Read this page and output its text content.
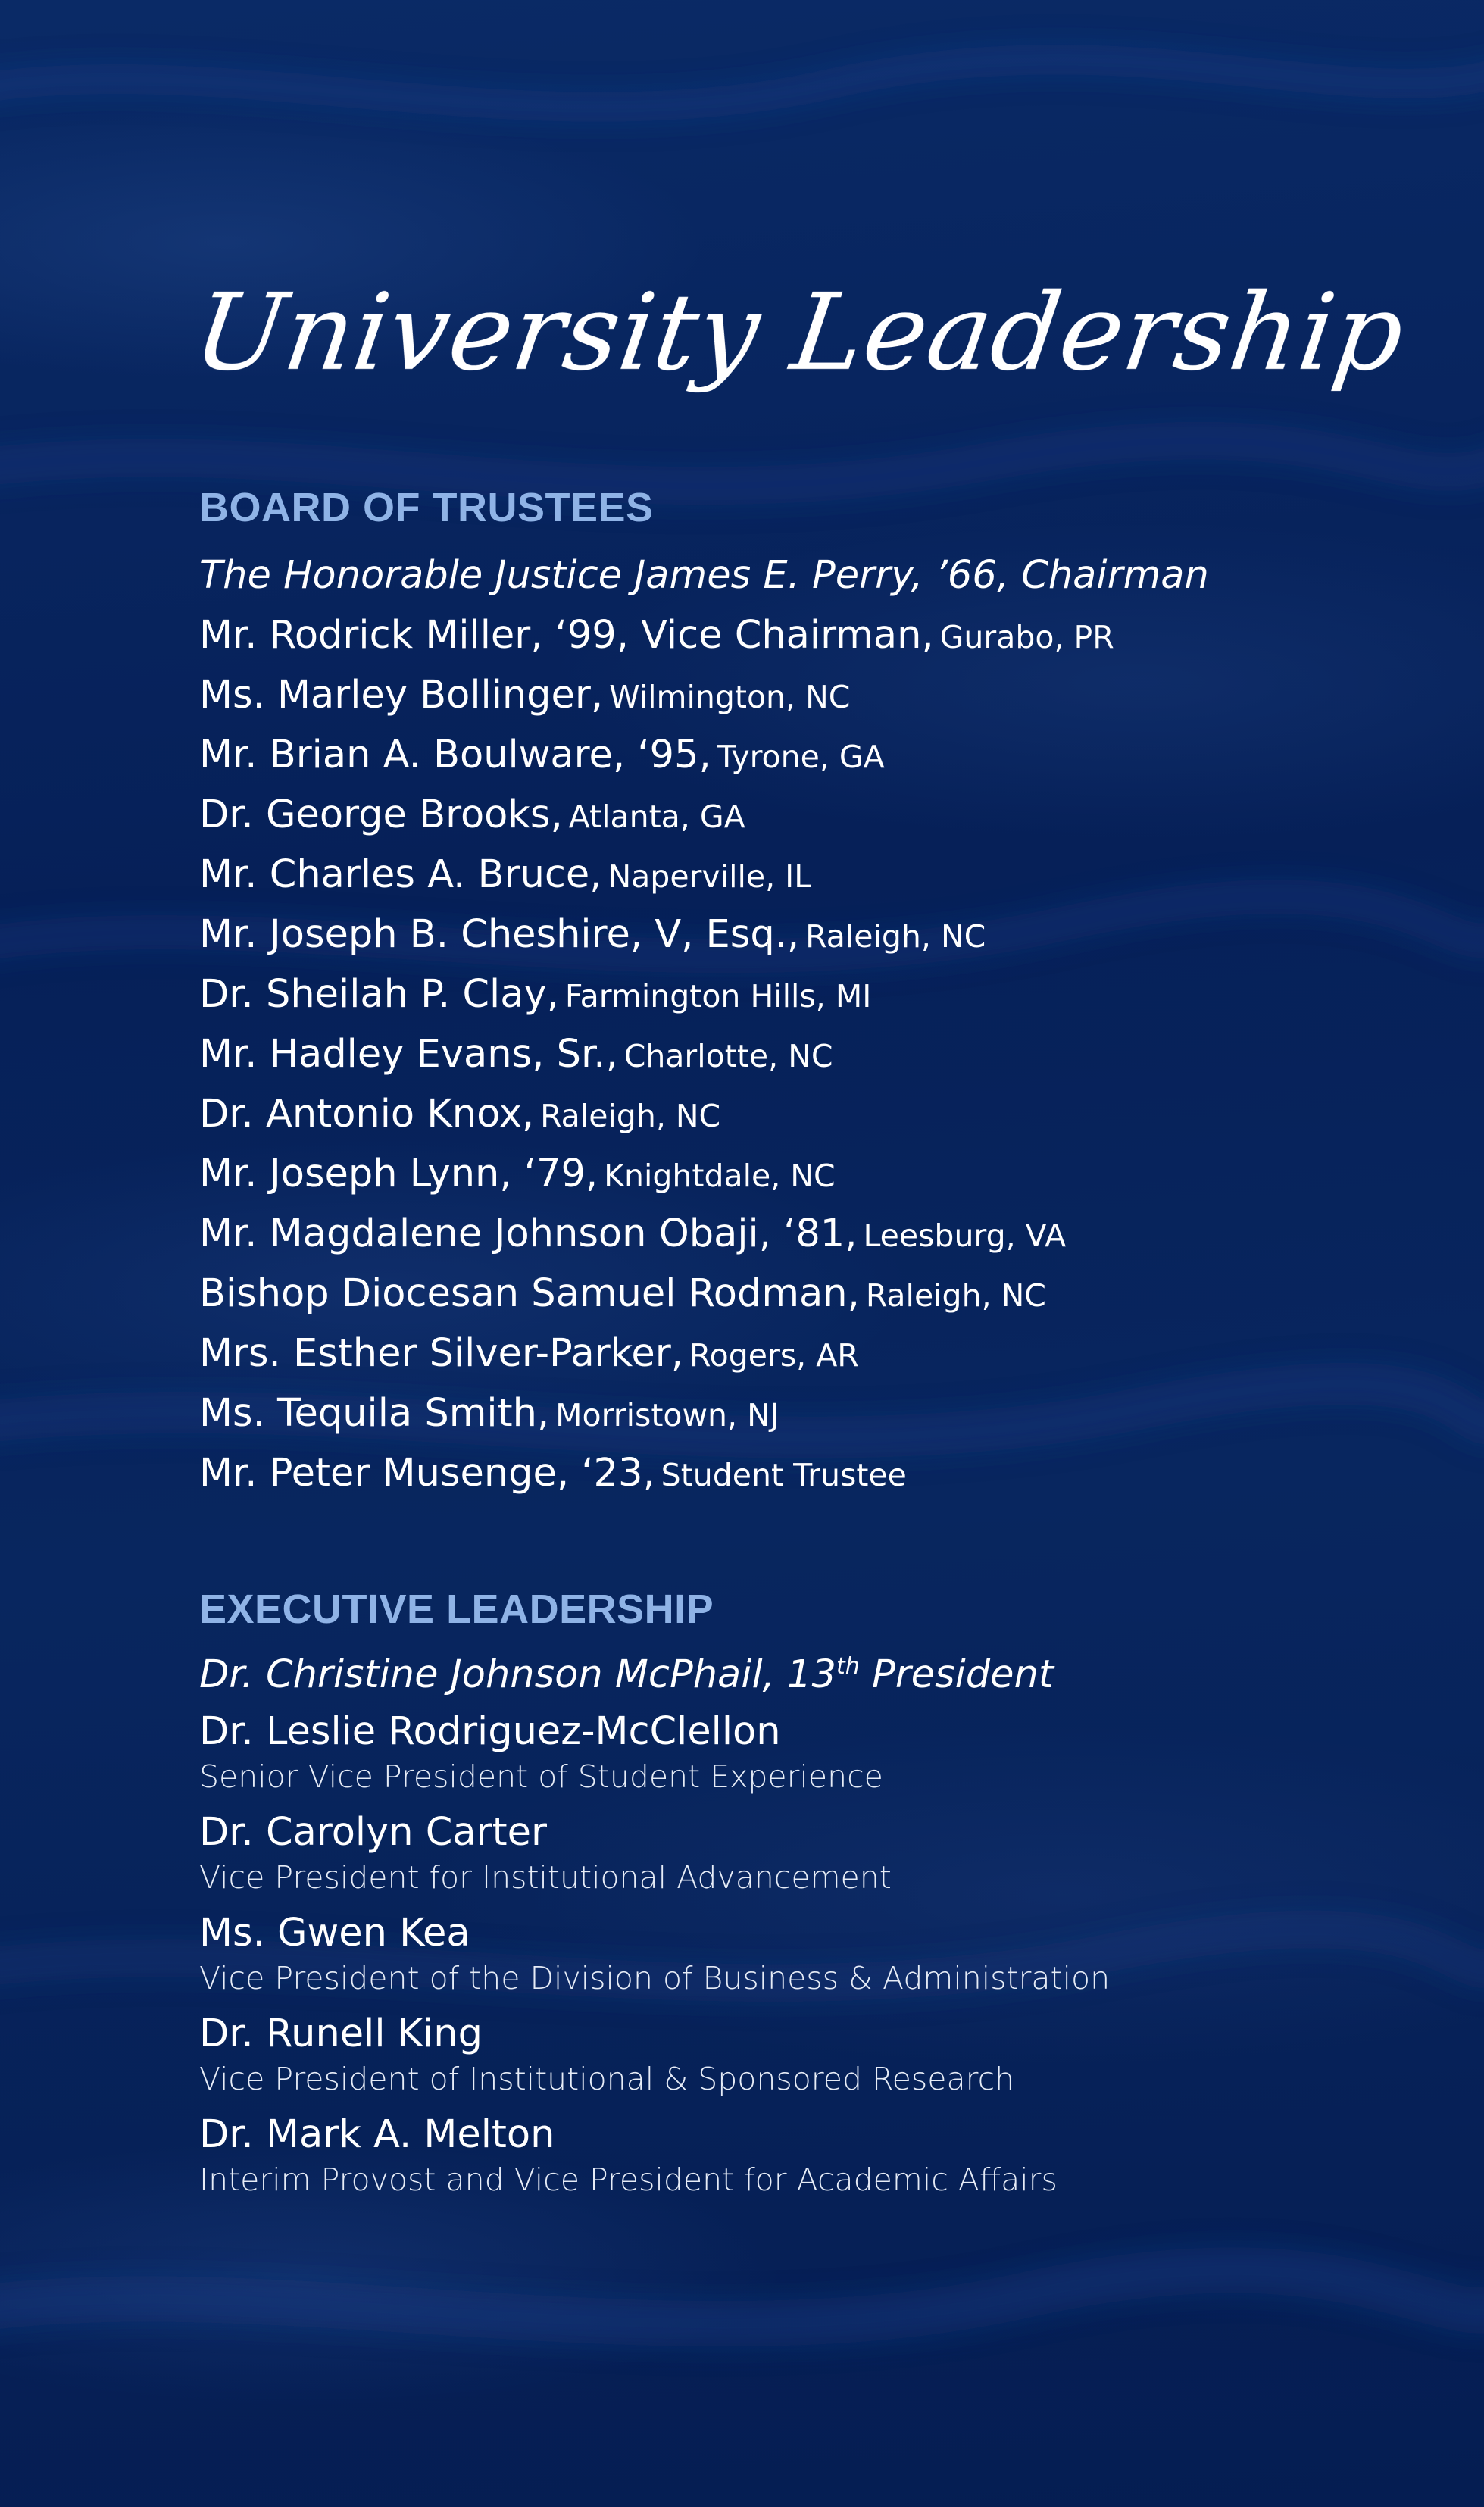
University Leadership
BOARD OF TRUSTEES
The Honorable Justice James E. Perry, ’66, Chairman
Mr. Rodrick Miller, ‘99, Vice Chairman, Gurabo, PR
Ms. Marley Bollinger, Wilmington, NC
Mr. Brian A. Boulware, ‘95, Tyrone, GA
Dr. George Brooks, Atlanta, GA
Mr. Charles A. Bruce, Naperville, IL
Mr. Joseph B. Cheshire, V, Esq., Raleigh, NC
Dr. Sheilah P. Clay, Farmington Hills, MI
Mr. Hadley Evans, Sr., Charlotte, NC
Dr. Antonio Knox, Raleigh, NC
Mr. Joseph Lynn, ‘79, Knightdale, NC
Mr. Magdalene Johnson Obaji, ‘81, Leesburg, VA
Bishop Diocesan Samuel Rodman, Raleigh, NC
Mrs. Esther Silver-Parker, Rogers, AR
Ms. Tequila Smith, Morristown, NJ
Mr. Peter Musenge, ‘23, Student Trustee
EXECUTIVE LEADERSHIP
Dr. Christine Johnson McPhail, 13th President
Dr. Leslie Rodriguez-McClellon
Senior Vice President of Student Experience
Dr. Carolyn Carter
Vice President for Institutional Advancement
Ms. Gwen Kea
Vice President of the Division of Business & Administration
Dr. Runell King
Vice President of Institutional & Sponsored Research
Dr. Mark A. Melton
Interim Provost and Vice President for Academic Affairs
